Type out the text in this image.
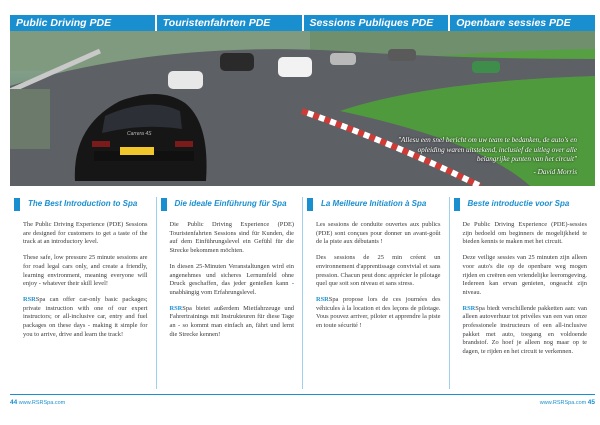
Public Driving PDE	Touristenfahrten PDE	Sessions Publiques PDE	Openbare sessies PDE
Carrera 4S
"Allesu een snel bericht om uw team te bedanken, de auto's en opleiding waren uitstekend, inclusief de uitleg over alle belangrijke punten van het circuit"
- David Morris
The Best Introduction to Spa

The Public Driving Experience (PDE) Sessions are designed for customers to get a taste of the track at an introductory level.

These safe, low pressure 25 minute sessions are for road legal cars only, and create a friendly, learning environment, meaning everyone will enjoy - whatever their skill level!

RSRSpa can offer car-only basic packages; private instruction with one of our expert instructors; or all-inclusive car, entry and fuel packages on these days - making it simple for you to arrive, drive and learn the track!

Die ideale Einführung für Spa

Die Public Driving Experience (PDE) Touristenfahrten Sessions sind für Kunden, die auf dem Einführungslevel ein Gefühl für die Strecke bekommen möchten.

In diesen 25-Minuten Veranstaltungen wird ein angenehmes und sicheres Lernumfeld ohne Druck geschaffen, das jeder genießen kann - unabhängig vom Erfahrungslevel.

RSRSpa bietet außerdem Mietfahrzeuge und Fahrertrainings mit Instrukteuren für diese Tage an - so kommt man einfach an, fährt und lernt die Strecke kennen!

La Meilleure Initiation à Spa

Les sessions de conduite ouvertes aux publics (PDE) sont conçues pour donner un avant-goût de la piste aux débutants !

Des sessions de 25 min créent un environnement d'apprentissage convivial et sans pression. Chacun peut donc apprécier le pilotage quel que soit son niveau et sans stress.

RSRSpa propose lors de ces journées des véhicules à la location et des leçons de pilotage. Vous pouvez arriver, piloter et apprendre la piste en toute sécurité !

Beste introductie voor Spa

De Public Driving Experience (PDE)-sessies zijn bedoeld om beginners de mogelijkheid te bieden kennis te maken met het circuit.

Deze veilige sessies van 25 minuten zijn alleen voor auto's die op de openbare weg mogen rijden en creëren een vriendelijke leeromgeving. Iedereen kan ervan genieten, ongeacht zijn niveau.

RSRSpa biedt verschillende pakketten aan: van alleen autoverhuur tot privéles van een van onze professionele instructeurs of een all-inclusive pakket met auto, toegang en voldoende brandstof. Zo hoef je alleen nog maar op te dagen, te rijden en het circuit te verkennen.

44 www.RSRSpa.com	www.RSRSpa.com 45
